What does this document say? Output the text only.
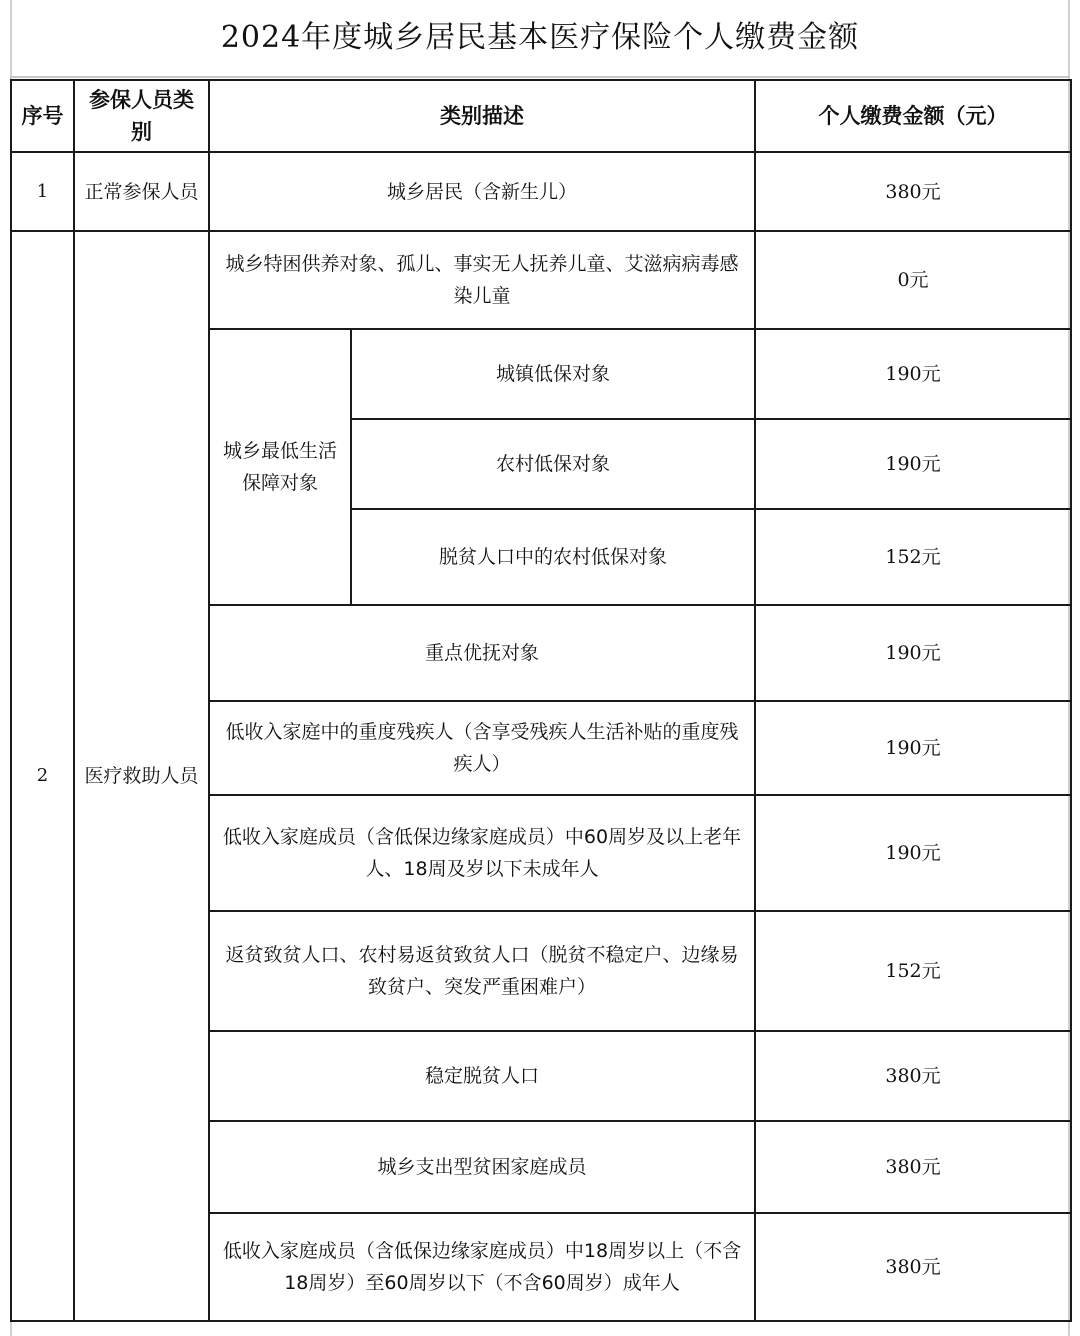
2024年度城乡居民基本医疗保险个人缴费金额
序号	参保人员类别	类别描述		个人缴费金额（元）
1	正常参保人员	城乡居民（含新生儿）		380元
2	医疗救助人员	城乡特困供养对象、孤儿、事实无人抚养儿童、艾滋病病毒感染儿童		0元
		城乡最低生活保障对象	城镇低保对象	190元
			农村低保对象	190元
			脱贫人口中的农村低保对象	152元
		重点优抚对象		190元
		低收入家庭中的重度残疾人（含享受残疾人生活补贴的重度残疾人）		190元
		低收入家庭成员（含低保边缘家庭成员）中60周岁及以上老年人、18周及岁以下未成年人		190元
		返贫致贫人口、农村易返贫致贫人口（脱贫不稳定户、边缘易致贫户、突发严重困难户）		152元
		稳定脱贫人口		380元
		城乡支出型贫困家庭成员		380元
		低收入家庭成员（含低保边缘家庭成员）中18周岁以上（不含18周岁）至60周岁以下（不含60周岁）成年人		380元
